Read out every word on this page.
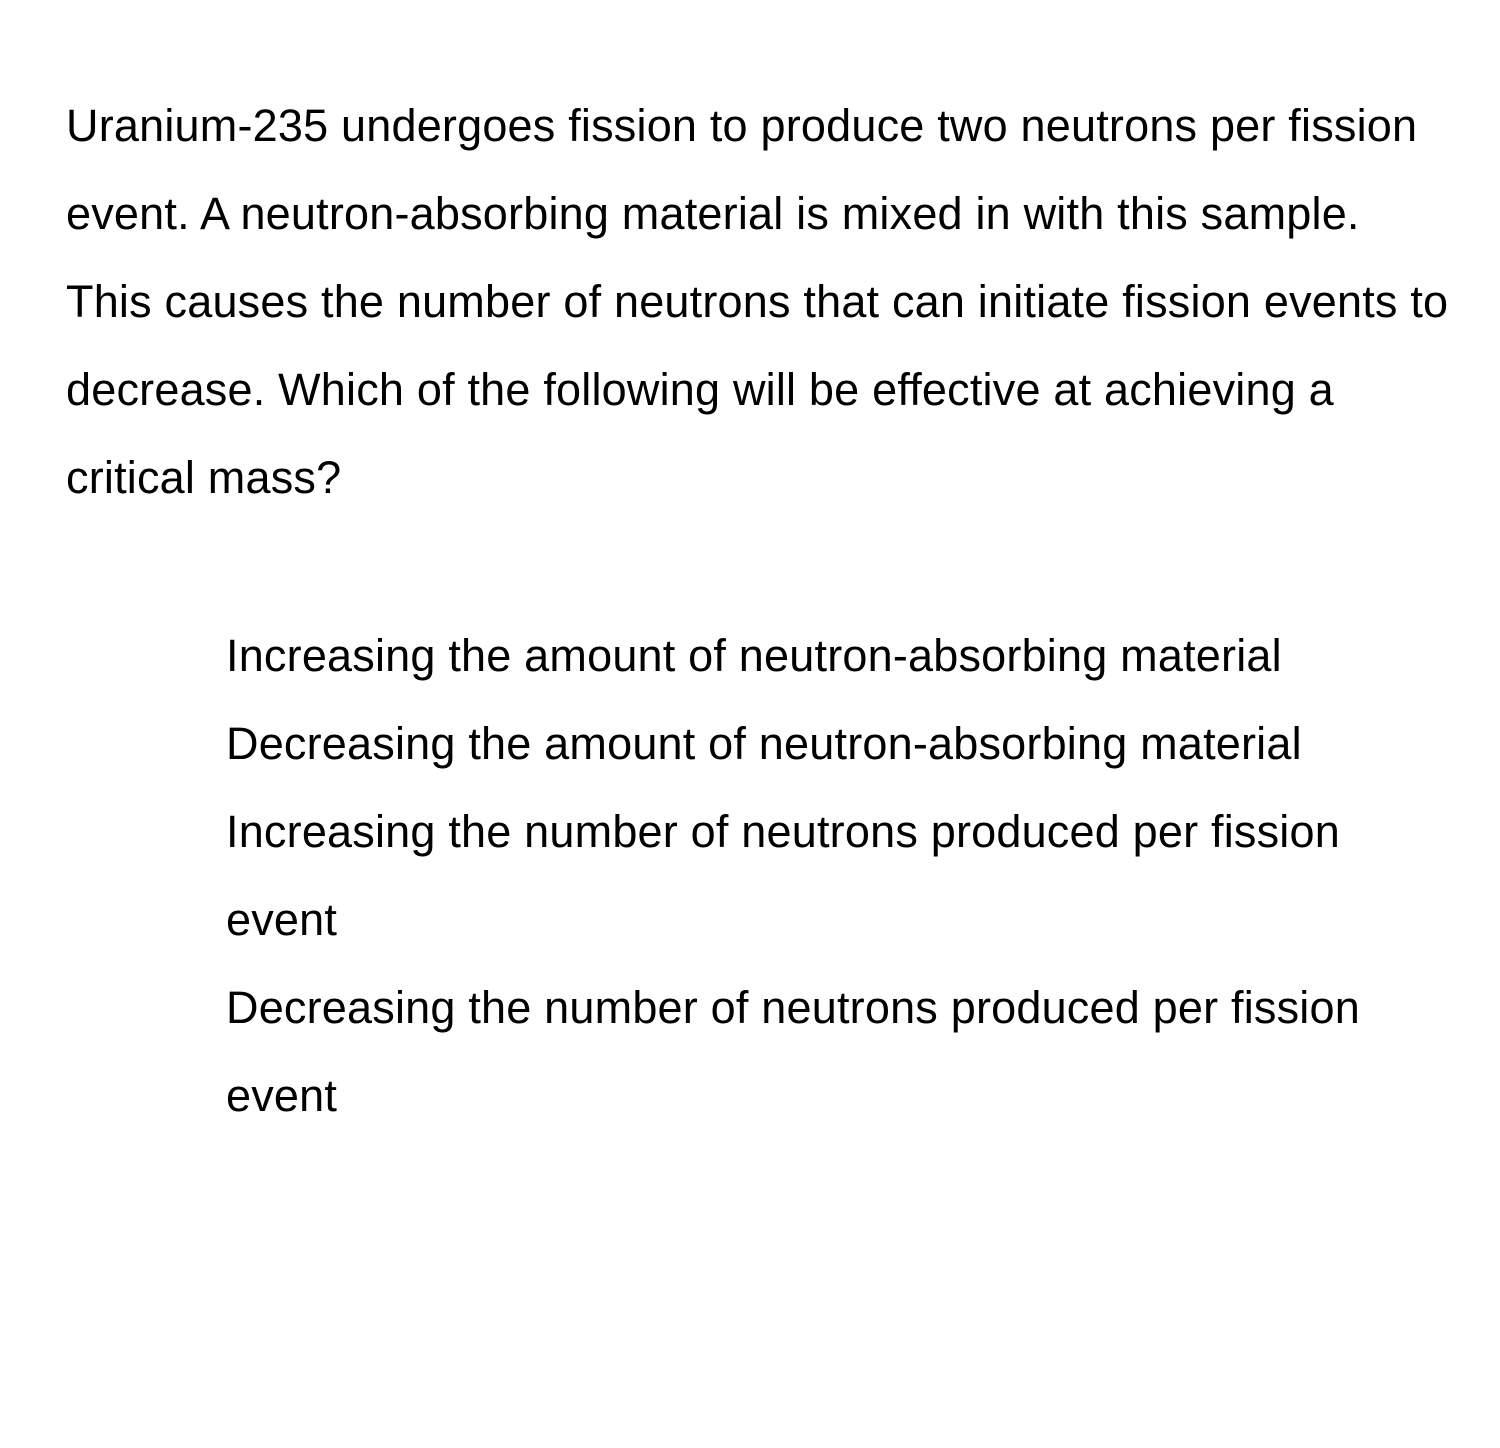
Uranium-235 undergoes fission to produce two neutrons per fission event. A neutron-absorbing material is mixed in with this sample. This causes the number of neutrons that can initiate fission events to decrease. Which of the following will be effective at achieving a critical mass?

Increasing the amount of neutron-absorbing material
Decreasing the amount of neutron-absorbing material
Increasing the number of neutrons produced per fission event
Decreasing the number of neutrons produced per fission event
